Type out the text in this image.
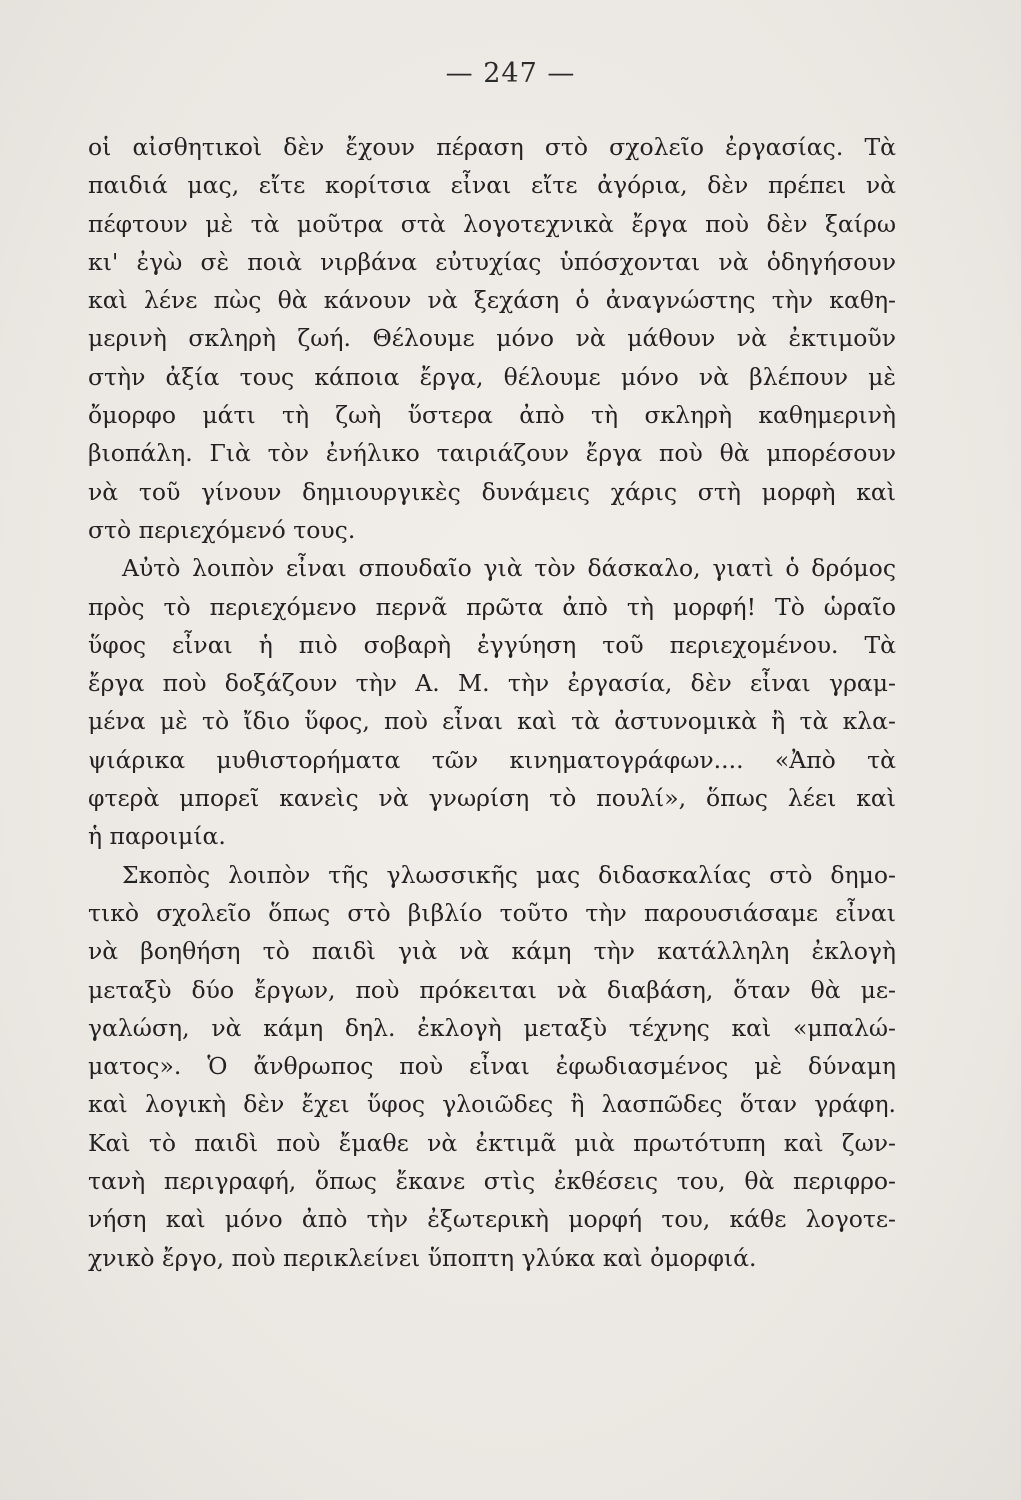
— 247 —
οἱ αἰσθητικοὶ δὲν ἔχουν πέραση στὸ σχολεῖο ἐργασίας. Τὰ
παιδιά μας, εἴτε κορίτσια εἶναι εἴτε ἀγόρια, δὲν πρέπει νὰ
πέφτουν μὲ τὰ μοῦτρα στὰ λογοτεχνικὰ ἔργα ποὺ δὲν ξαίρω
κι' ἐγὼ σὲ ποιὰ νιρβάνα εὐτυχίας ὑπόσχονται νὰ ὁδηγήσουν
καὶ λένε πὼς θὰ κάνουν νὰ ξεχάση ὁ ἀναγνώστης τὴν καθη-
μερινὴ σκληρὴ ζωή. Θέλουμε μόνο νὰ μάθουν νὰ ἐκτιμοῦν
στὴν ἀξία τους κάποια ἔργα, θέλουμε μόνο νὰ βλέπουν μὲ
ὄμορφο μάτι τὴ ζωὴ ὕστερα ἀπὸ τὴ σκληρὴ καθημερινὴ
βιοπάλη. Γιὰ τὸν ἐνήλικο ταιριάζουν ἔργα ποὺ θὰ μπορέσουν
νὰ τοῦ γίνουν δημιουργικὲς δυνάμεις χάρις στὴ μορφὴ καὶ
στὸ περιεχόμενό τους.
Αὐτὸ λοιπὸν εἶναι σπουδαῖο γιὰ τὸν δάσκαλο, γιατὶ ὁ δρόμος
πρὸς τὸ περιεχόμενο περνᾶ πρῶτα ἀπὸ τὴ μορφή! Τὸ ὡραῖο
ὕφος εἶναι ἡ πιὸ σοβαρὴ ἐγγύηση τοῦ περιεχομένου. Τὰ
ἔργα ποὺ δοξάζουν τὴν Α. Μ. τὴν ἐργασία, δὲν εἶναι γραμ-
μένα μὲ τὸ ἴδιο ὕφος, ποὺ εἶναι καὶ τὰ ἀστυνομικὰ ἢ τὰ κλα-
ψιάρικα μυθιστορήματα τῶν κινηματογράφων.... «Ἀπὸ τὰ
φτερὰ μπορεῖ κανεὶς νὰ γνωρίση τὸ πουλί», ὅπως λέει καὶ
ἡ παροιμία.
Σκοπὸς λοιπὸν τῆς γλωσσικῆς μας διδασκαλίας στὸ δημο-
τικὸ σχολεῖο ὅπως στὸ βιβλίο τοῦτο τὴν παρουσιάσαμε εἶναι
νὰ βοηθήση τὸ παιδὶ γιὰ νὰ κάμη τὴν κατάλληλη ἐκλογὴ
μεταξὺ δύο ἔργων, ποὺ πρόκειται νὰ διαβάση, ὅταν θὰ με-
γαλώση, νὰ κάμη δηλ. ἐκλογὴ μεταξὺ τέχνης καὶ «μπαλώ-
ματος». Ὁ ἄνθρωπος ποὺ εἶναι ἐφωδιασμένος μὲ δύναμη
καὶ λογικὴ δὲν ἔχει ὕφος γλοιῶδες ἢ λασπῶδες ὅταν γράφη.
Καὶ τὸ παιδὶ ποὺ ἔμαθε νὰ ἐκτιμᾶ μιὰ πρωτότυπη καὶ ζων-
τανὴ περιγραφή, ὅπως ἔκανε στὶς ἐκθέσεις του, θὰ περιφρο-
νήση καὶ μόνο ἀπὸ τὴν ἐξωτερικὴ μορφή του, κάθε λογοτε-
χνικὸ ἔργο, ποὺ περικλείνει ὕποπτη γλύκα καὶ ὀμορφιά.
